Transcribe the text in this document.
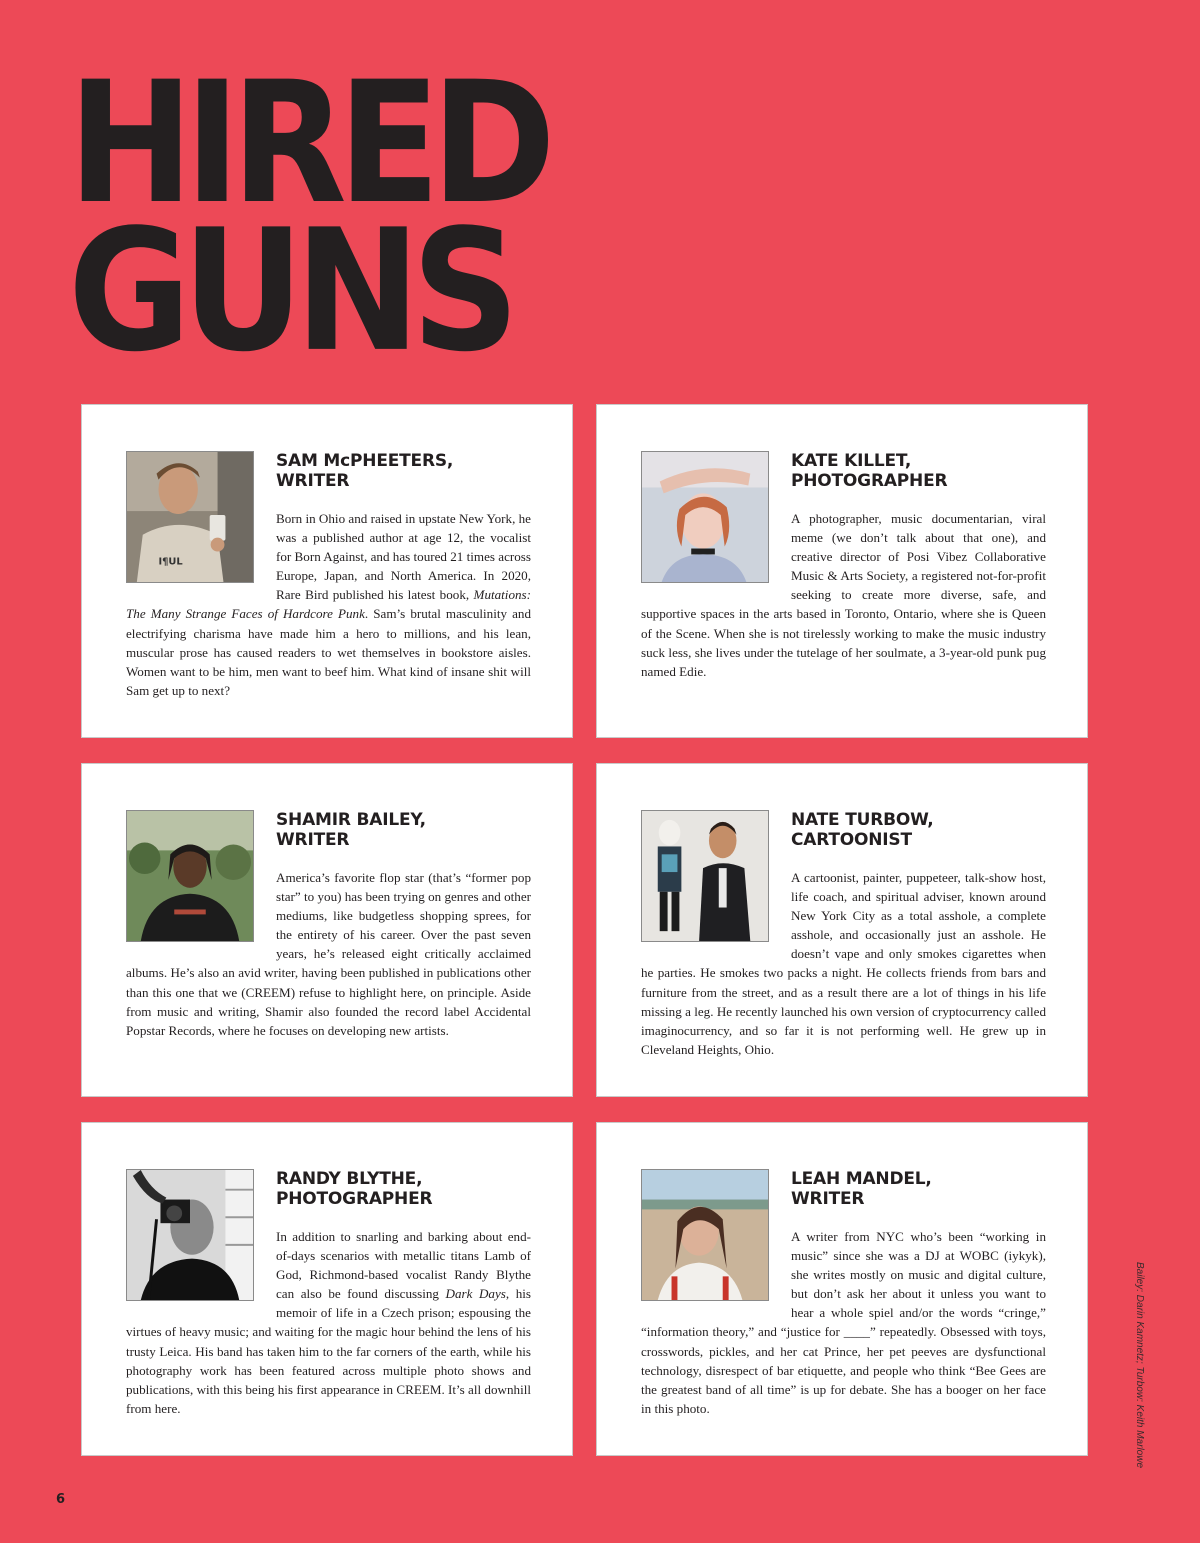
HIRED
GUNS
I¶UL
SAM McPHEETERS,
WRITER

Born in Ohio and raised in upstate New York, he was a published author at age 12, the vocalist for Born Against, and has toured 21 times across Europe, Japan, and North America. In 2020, Rare Bird published his latest book, Mutations: The Many Strange Faces of Hardcore Punk. Sam’s brutal masculinity and electrifying charisma have made him a hero to millions, and his lean, muscular prose has caused readers to wet themselves in bookstore aisles. Women want to be him, men want to beef him. What kind of insane shit will Sam get up to next?

KATE KILLET,
PHOTOGRAPHER

A photographer, music documentarian, viral meme (we don’t talk about that one), and creative director of Posi Vibez Collaborative Music & Arts Society, a registered not-for-profit seeking to create more diverse, safe, and supportive spaces in the arts based in Toronto, Ontario, where she is Queen of the Scene. When she is not tirelessly working to make the music industry suck less, she lives under the tutelage of her soulmate, a 3-year-old punk pug named Edie.

SHAMIR BAILEY,
WRITER

America’s favorite flop star (that’s “former pop star” to you) has been trying on genres and other mediums, like budgetless shopping sprees, for the entirety of his career. Over the past seven years, he’s released eight critically acclaimed albums. He’s also an avid writer, having been published in publications other than this one that we (CREEM) refuse to highlight here, on principle. Aside from music and writing, Shamir also founded the record label Accidental Popstar Records, where he focuses on developing new artists.

NATE TURBOW,
CARTOONIST

A cartoonist, painter, puppeteer, talk-show host, life coach, and spiritual adviser, known around New York City as a total asshole, a complete asshole, and occasionally just an asshole. He doesn’t vape and only smokes cigarettes when he parties. He smokes two packs a night. He collects friends from bars and furniture from the street, and as a result there are a lot of things in his life missing a leg. He recently launched his own version of cryptocurrency called imaginocurrency, and so far it is not performing well. He grew up in Cleveland Heights, Ohio.

RANDY BLYTHE,
PHOTOGRAPHER

In addition to snarling and barking about end-of-days scenarios with metallic titans Lamb of God, Richmond-based vocalist Randy Blythe can also be found discussing Dark Days, his memoir of life in a Czech prison; espousing the virtues of heavy music; and waiting for the magic hour behind the lens of his trusty Leica. His band has taken him to the far corners of the earth, while his photography work has been featured across multiple photo shows and publications, with this being his first appearance in CREEM. It’s all downhill from here.

LEAH MANDEL,
WRITER

A writer from NYC who’s been “working in music” since she was a DJ at WOBC (iykyk), she writes mostly on music and digital culture, but don’t ask her about it unless you want to hear a whole spiel and/or the words “cringe,” “information theory,” and “justice for ____” repeatedly. Obsessed with toys, crosswords, pickles, and her cat Prince, her pet peeves are dysfunctional technology, disrespect of bar etiquette, and people who think “Bee Gees are the greatest band of all time” is up for debate. She has a booger on her face in this photo.	Bailey: Darin Kamnetz; Turbow: Keith Marlowe
6
